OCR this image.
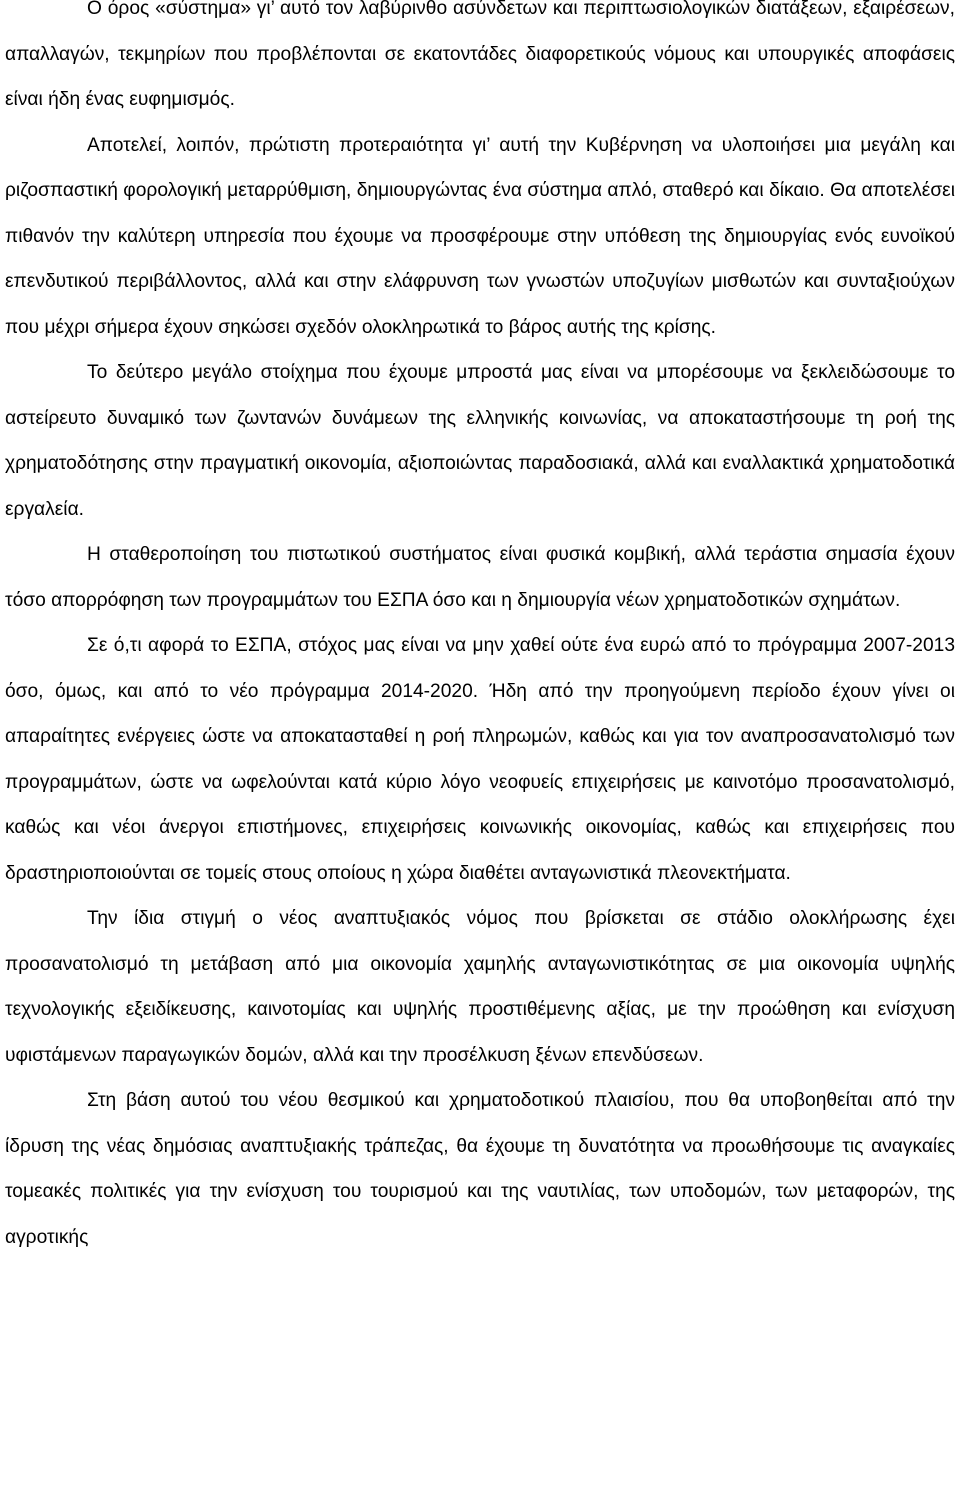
Ο όρος «σύστημα» γι’ αυτό τον λαβύρινθο ασύνδετων και περιπτωσιολογικών διατάξεων, εξαιρέσεων, απαλλαγών, τεκμηρίων που προβλέπονται σε εκατοντάδες διαφορετικούς νόμους και υπουργικές αποφάσεις είναι ήδη ένας ευφημισμός.

Αποτελεί, λοιπόν, πρώτιστη προτεραιότητα γι’ αυτή την Κυβέρνηση να υλοποιήσει μια μεγάλη και ριζοσπαστική φορολογική μεταρρύθμιση, δημιουργώντας ένα σύστημα απλό, σταθερό και δίκαιο. Θα αποτελέσει πιθανόν την καλύτερη υπηρεσία που έχουμε να προσφέρουμε στην υπόθεση της δημιουργίας ενός ευνοϊκού επενδυτικού περιβάλλοντος, αλλά και στην ελάφρυνση των γνωστών υποζυγίων μισθωτών και συνταξιούχων που μέχρι σήμερα έχουν σηκώσει σχεδόν ολοκληρωτικά το βάρος αυτής της κρίσης.

Το δεύτερο μεγάλο στοίχημα που έχουμε μπροστά μας είναι να μπορέσουμε να ξεκλειδώσουμε το αστείρευτο δυναμικό των ζωντανών δυνάμεων της ελληνικής κοινωνίας, να αποκαταστήσουμε τη ροή της χρηματοδότησης στην πραγματική οικονομία, αξιοποιώντας παραδοσιακά, αλλά και εναλλακτικά χρηματοδοτικά εργαλεία.

Η σταθεροποίηση του πιστωτικού συστήματος είναι φυσικά κομβική, αλλά τεράστια σημασία έχουν τόσο απορρόφηση των προγραμμάτων του ΕΣΠΑ όσο και η δημιουργία νέων χρηματοδοτικών σχημάτων.

Σε ό,τι αφορά το ΕΣΠΑ, στόχος μας είναι να μην χαθεί ούτε ένα ευρώ από το πρόγραμμα 2007-2013 όσο, όμως, και από το νέο πρόγραμμα 2014-2020. Ήδη από την προηγούμενη περίοδο έχουν γίνει οι απαραίτητες ενέργειες ώστε να αποκατασταθεί η ροή πληρωμών, καθώς και για τον αναπροσανατολισμό των προγραμμάτων, ώστε να ωφελούνται κατά κύριο λόγο νεοφυείς επιχειρήσεις με καινοτόμο προσανατολισμό, καθώς και νέοι άνεργοι επιστήμονες, επιχειρήσεις κοινωνικής οικονομίας, καθώς και επιχειρήσεις που δραστηριοποιούνται σε τομείς στους οποίους η χώρα διαθέτει ανταγωνιστικά πλεονεκτήματα.

Την ίδια στιγμή ο νέος αναπτυξιακός νόμος που βρίσκεται σε στάδιο ολοκλήρωσης έχει προσανατολισμό τη μετάβαση από μια οικονομία χαμηλής ανταγωνιστικότητας σε μια οικονομία υψηλής τεχνολογικής εξειδίκευσης, καινοτομίας και υψηλής προστιθέμενης αξίας, με την προώθηση και ενίσχυση υφιστάμενων παραγωγικών δομών, αλλά και την προσέλκυση ξένων επενδύσεων.

Στη βάση αυτού του νέου θεσμικού και χρηματοδοτικού πλαισίου, που θα υποβοηθείται από την ίδρυση της νέας δημόσιας αναπτυξιακής τράπεζας, θα έχουμε τη δυνατότητα να προωθήσουμε τις αναγκαίες τομεακές πολιτικές για την ενίσχυση του τουρισμού και της ναυτιλίας, των υποδομών, των μεταφορών, της αγροτικής
